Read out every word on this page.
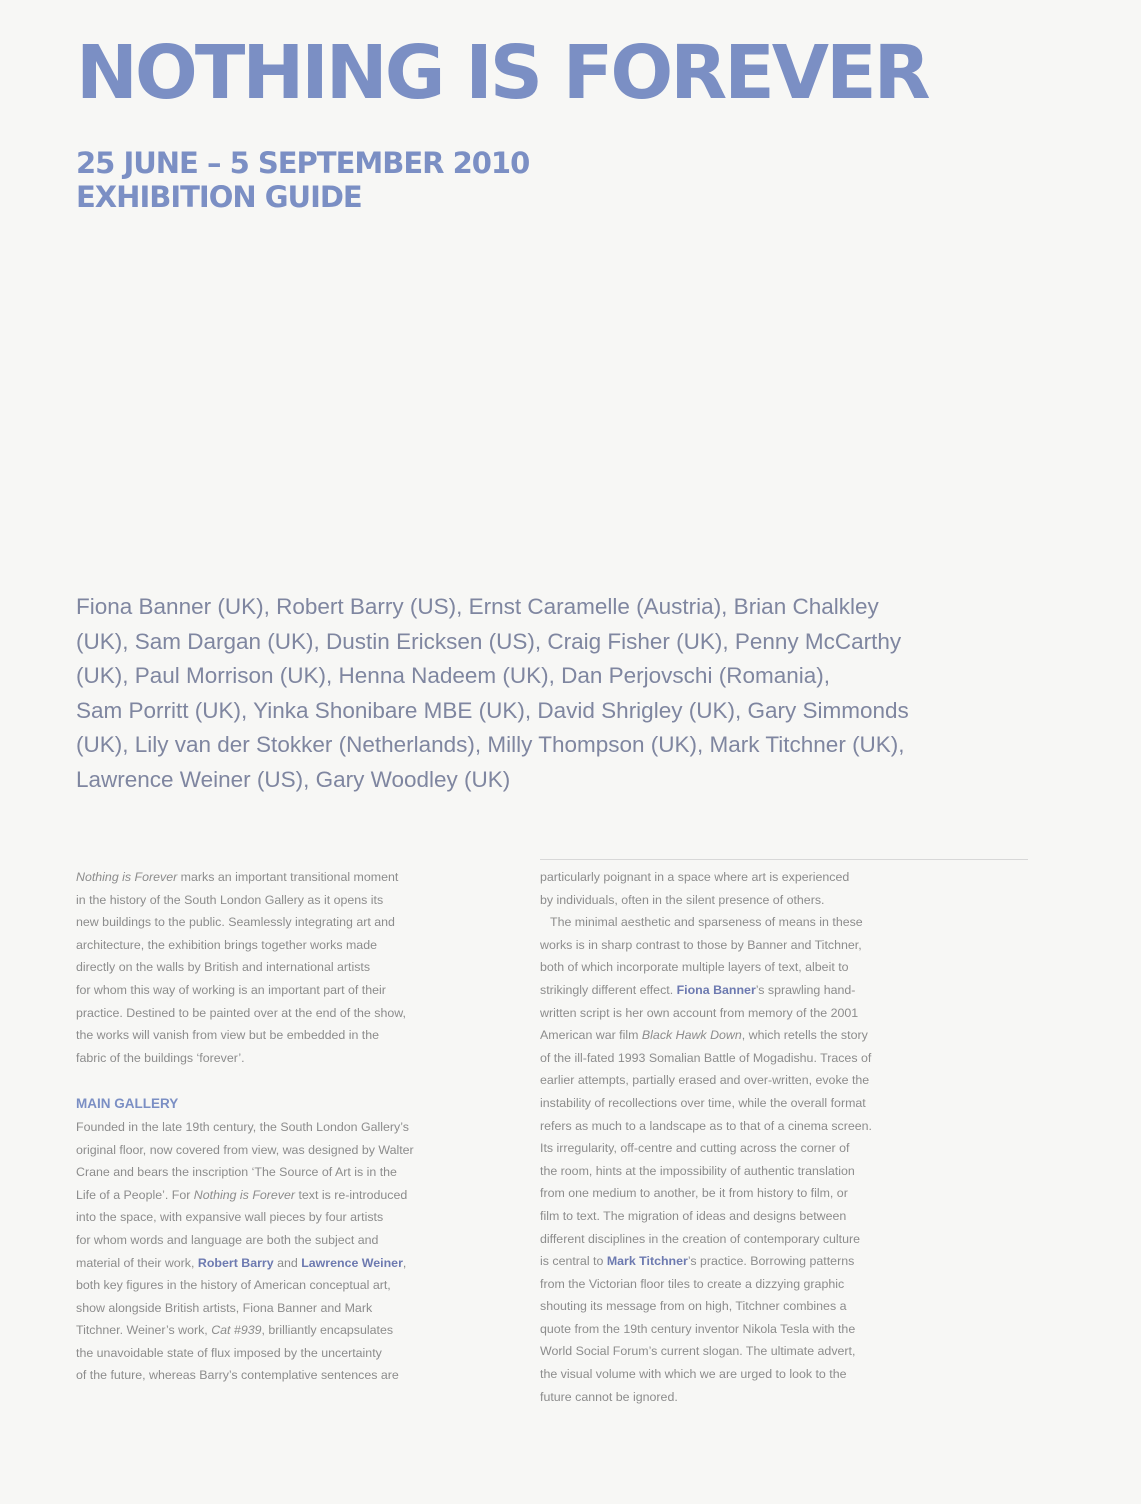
NOTHING IS FOREVER
25 JUNE – 5 SEPTEMBER 2010
EXHIBITION GUIDE
Fiona Banner (UK), Robert Barry (US), Ernst Caramelle (Austria), Brian Chalkley
(UK), Sam Dargan (UK), Dustin Ericksen (US), Craig Fisher (UK), Penny McCarthy
(UK), Paul Morrison (UK), Henna Nadeem (UK), Dan Perjovschi (Romania),
Sam Porritt (UK), Yinka Shonibare MBE (UK), David Shrigley (UK), Gary Simmonds
(UK), Lily van der Stokker (Netherlands), Milly Thompson (UK), Mark Titchner (UK),
Lawrence Weiner (US), Gary Woodley (UK)
Nothing is Forever marks an important transitional moment
in the history of the South London Gallery as it opens its
new buildings to the public. Seamlessly integrating art and
architecture, the exhibition brings together works made
directly on the walls by British and international artists
for whom this way of working is an important part of their
practice. Destined to be painted over at the end of the show,
the works will vanish from view but be embedded in the
fabric of the buildings ‘forever’.
MAIN GALLERY
Founded in the late 19th century, the South London Gallery’s
original floor, now covered from view, was designed by Walter
Crane and bears the inscription ‘The Source of Art is in the
Life of a People’. For Nothing is Forever text is re-introduced
into the space, with expansive wall pieces by four artists
for whom words and language are both the subject and
material of their work, Robert Barry and Lawrence Weiner,
both key figures in the history of American conceptual art,
show alongside British artists, Fiona Banner and Mark
Titchner. Weiner’s work, Cat #939, brilliantly encapsulates
the unavoidable state of flux imposed by the uncertainty
of the future, whereas Barry’s contemplative sentences are
particularly poignant in a space where art is experienced
by individuals, often in the silent presence of others.
The minimal aesthetic and sparseness of means in these
works is in sharp contrast to those by Banner and Titchner,
both of which incorporate multiple layers of text, albeit to
strikingly different effect. Fiona Banner’s sprawling hand-
written script is her own account from memory of the 2001
American war film Black Hawk Down, which retells the story
of the ill-fated 1993 Somalian Battle of Mogadishu. Traces of
earlier attempts, partially erased and over-written, evoke the
instability of recollections over time, while the overall format
refers as much to a landscape as to that of a cinema screen.
Its irregularity, off-centre and cutting across the corner of
the room, hints at the impossibility of authentic translation
from one medium to another, be it from history to film, or
film to text. The migration of ideas and designs between
different disciplines in the creation of contemporary culture
is central to Mark Titchner’s practice. Borrowing patterns
from the Victorian floor tiles to create a dizzying graphic
shouting its message from on high, Titchner combines a
quote from the 19th century inventor Nikola Tesla with the
World Social Forum’s current slogan. The ultimate advert,
the visual volume with which we are urged to look to the
future cannot be ignored.
